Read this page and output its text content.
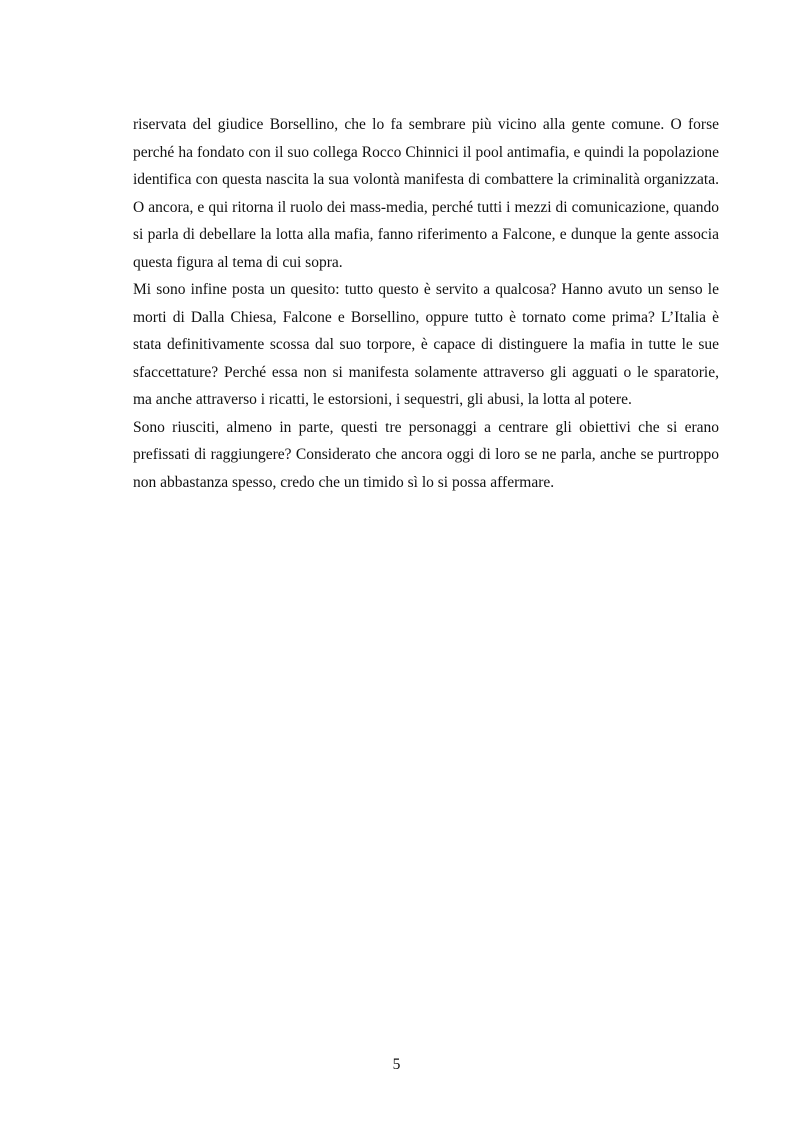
riservata del giudice Borsellino, che lo fa sembrare più vicino alla gente comune. O forse perché ha fondato con il suo collega Rocco Chinnici il pool antimafia, e quindi la popolazione identifica con questa nascita la sua volontà manifesta di combattere la criminalità organizzata. O ancora, e qui ritorna il ruolo dei mass-media, perché tutti i mezzi di comunicazione, quando si parla di debellare la lotta alla mafia, fanno riferimento a Falcone, e dunque la gente associa questa figura al tema di cui sopra.

Mi sono infine posta un quesito: tutto questo è servito a qualcosa? Hanno avuto un senso le morti di Dalla Chiesa, Falcone e Borsellino, oppure tutto è tornato come prima? L’Italia è stata definitivamente scossa dal suo torpore, è capace di distinguere la mafia in tutte le sue sfaccettature? Perché essa non si manifesta solamente attraverso gli agguati o le sparatorie, ma anche attraverso i ricatti, le estorsioni, i sequestri, gli abusi, la lotta al potere.

Sono riusciti, almeno in parte, questi tre personaggi a centrare gli obiettivi che si erano prefissati di raggiungere? Considerato che ancora oggi di loro se ne parla, anche se purtroppo non abbastanza spesso, credo che un timido sì lo si possa affermare.

5
